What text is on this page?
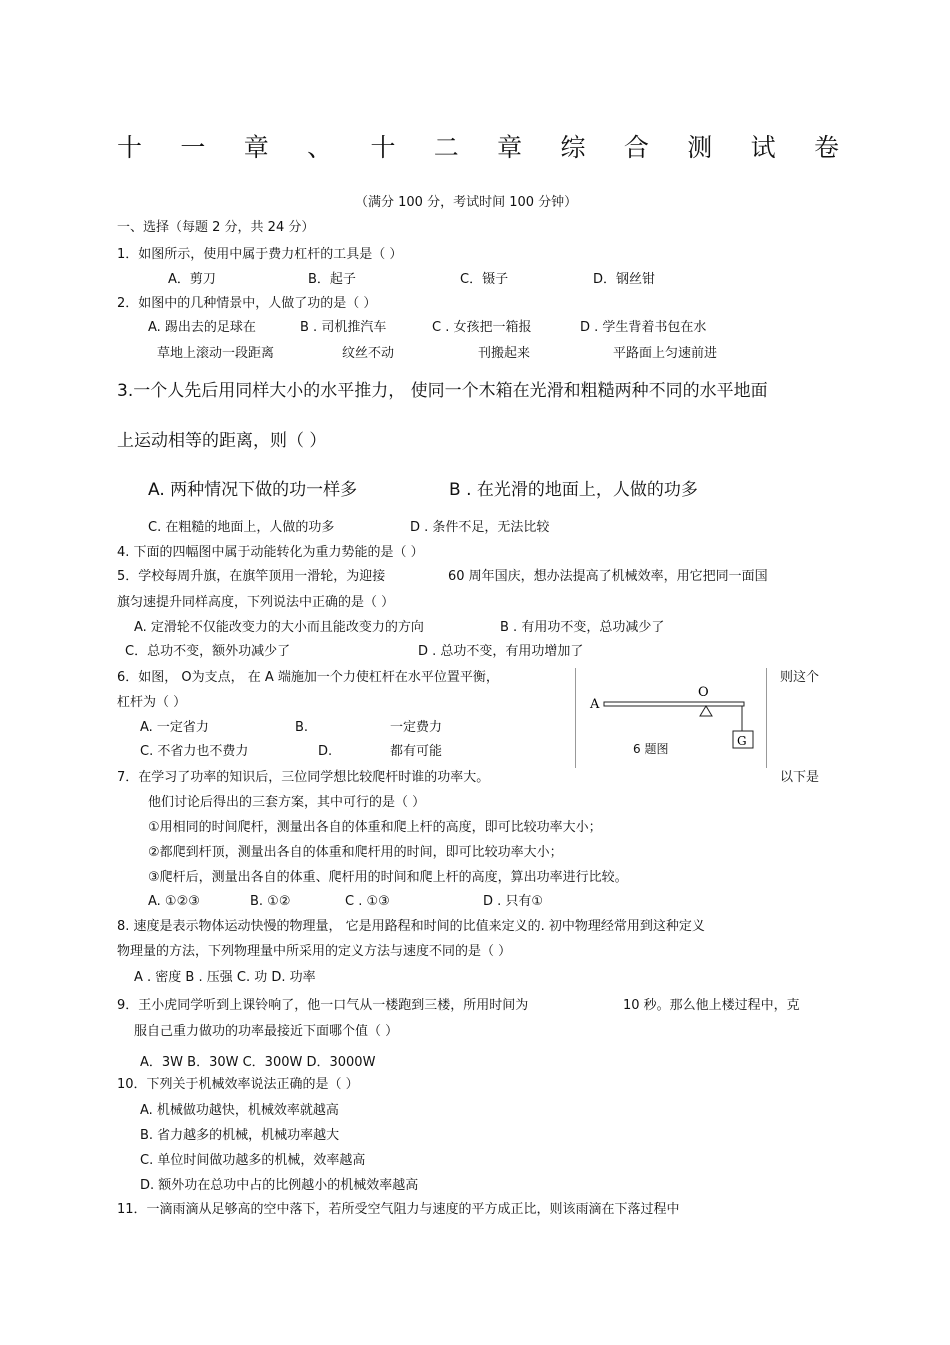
十 一 章 、 十 二 章 综 合 测 试 卷
（满分 100 分，考试时间 100 分钟）
一、选择（每题 2 分，共 24 分）
1．如图所示，使用中属于费力杠杆的工具是（ ）
A．剪刀	B．起子	C．镊子	D．钢丝钳
2．如图中的几种情景中，人做了功的是（ ）
A. 踢出去的足球在	B . 司机推汽车	C . 女孩把一箱报	D . 学生背着书包在水
草地上滚动一段距离	纹丝不动	刊搬起来	平路面上匀速前进
3.一个人先后用同样大小的水平推力， 使同一个木箱在光滑和粗糙两种不同的水平地面
上运动相等的距离，则（ ）
A. 两种情况下做的功一样多	B . 在光滑的地面上，人做的功多
C. 在粗糙的地面上，人做的功多	D . 条件不足，无法比较
4. 下面的四幅图中属于动能转化为重力势能的是（ ）
5．学校每周升旗，在旗竿顶用一滑轮，为迎接	60 周年国庆，想办法提高了机械效率，用它把同一面国
旗匀速提升同样高度，下列说法中正确的是（ ）
A. 定滑轮不仅能改变力的大小而且能改变力的方向	B . 有用功不变，总功减少了
C．总功不变，额外功减少了	D . 总功不变，有用功增加了
6．如图， O为支点， 在 A 端施加一个力使杠杆在水平位置平衡，	则这个
杠杆为（ ）
A. 一定省力	B.	一定费力
C. 不省力也不费力	D.	都有可能
A
O
G
6 题图
7．在学习了功率的知识后，三位同学想比较爬杆时谁的功率大。	以下是
他们讨论后得出的三套方案，其中可行的是（ ）
①用相同的时间爬杆，测量出各自的体重和爬上杆的高度，即可比较功率大小；
②都爬到杆顶，测量出各自的体重和爬杆用的时间，即可比较功率大小；
③爬杆后，测量出各自的体重、爬杆用的时间和爬上杆的高度，算出功率进行比较。
A. ①②③	B. ①②	C . ①③	D . 只有①
8. 速度是表示物体运动快慢的物理量， 它是用路程和时间的比值来定义的. 初中物理经常用到这种定义
物理量的方法，下列物理量中所采用的定义方法与速度不同的是（ ）
A . 密度 B . 压强 C. 功 D. 功率
9．王小虎同学听到上课铃响了，他一口气从一楼跑到三楼，所用时间为	10 秒。那么他上楼过程中，克
服自己重力做功的功率最接近下面哪个值（ ）
A．3W B．30W C．300W D．3000W
10．下列关于机械效率说法正确的是（ ）
A. 机械做功越快，机械效率就越高
B. 省力越多的机械，机械功率越大
C. 单位时间做功越多的机械，效率越高
D. 额外功在总功中占的比例越小的机械效率越高
11．一滴雨滴从足够高的空中落下，若所受空气阻力与速度的平方成正比，则该雨滴在下落过程中
